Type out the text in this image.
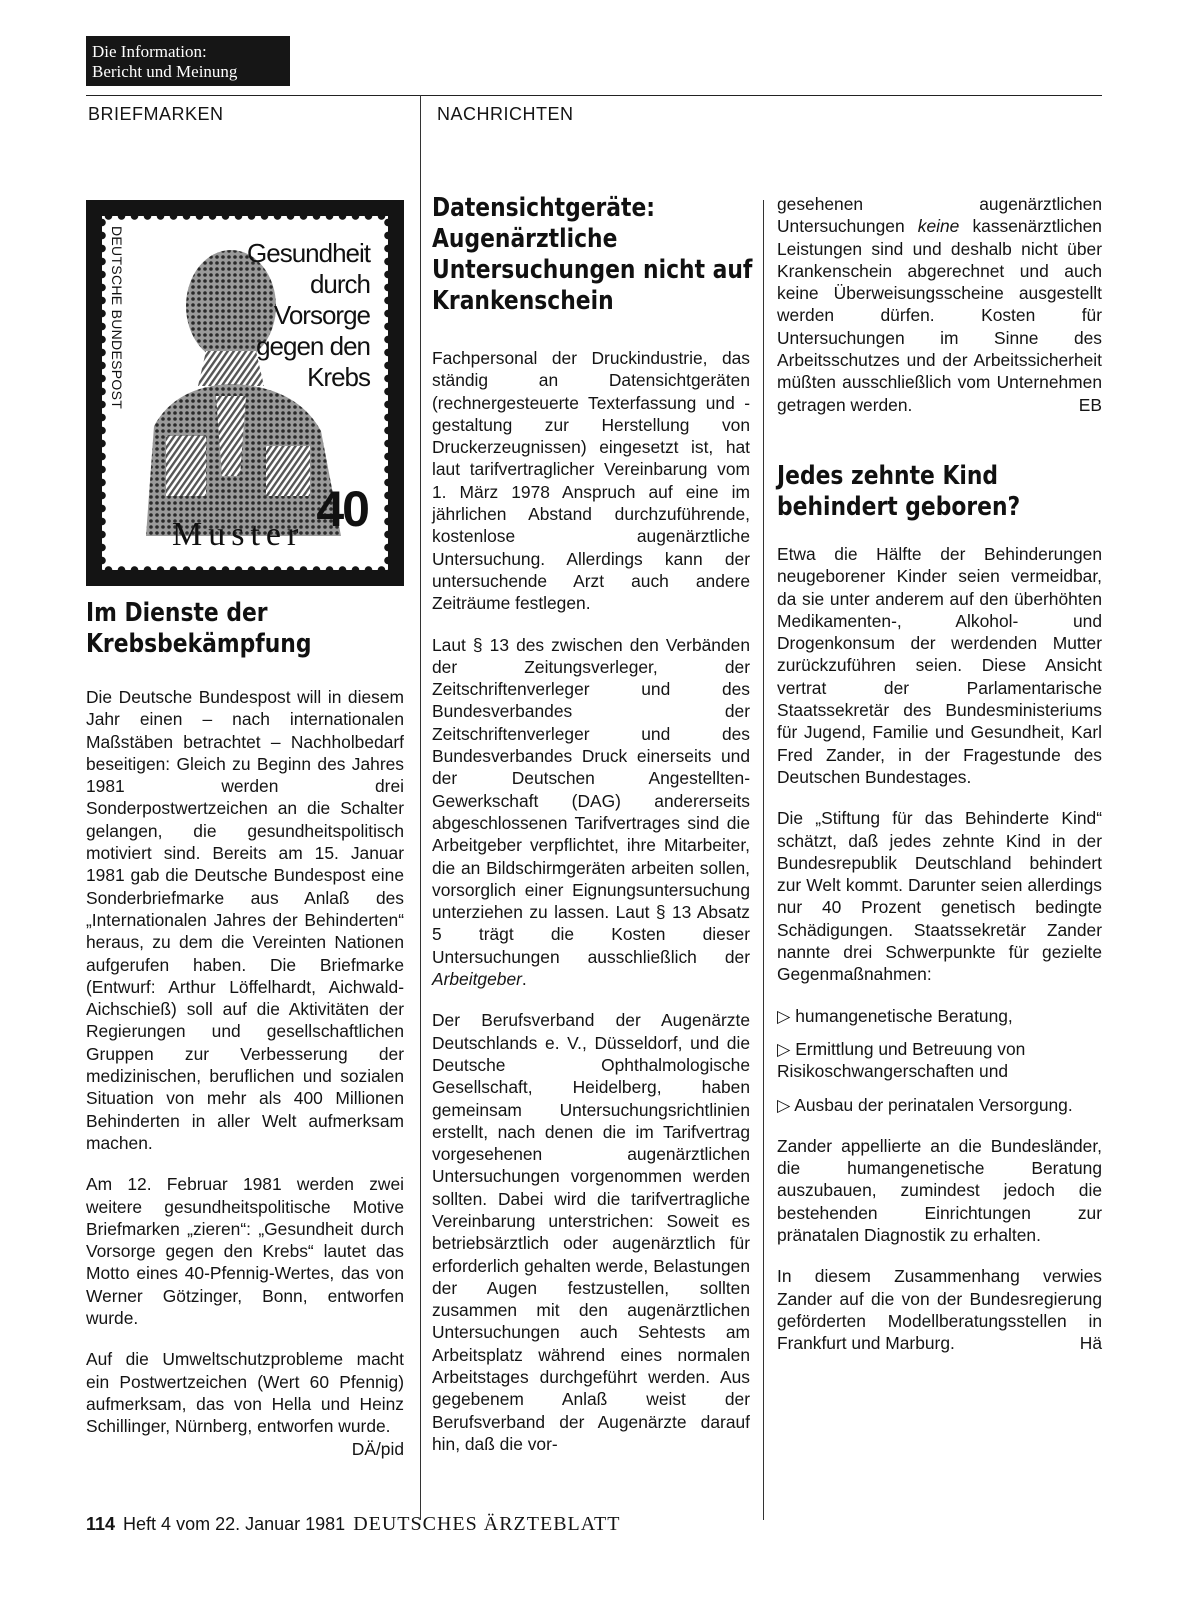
Die Information:
Bericht und Meinung
BRIEFMARKEN	NACHRICHTEN
DEUTSCHE BUNDESPOST	Gesundheit
durch
Vorsorge
gegen den
Krebs
40
Muster
Im Dienste der
Krebsbekämpfung

Die Deutsche Bundespost will in diesem Jahr einen – nach internationalen Maßstäben betrachtet – Nachholbedarf beseitigen: Gleich zu Beginn des Jahres 1981 werden drei Sonderpostwertzeichen an die Schalter gelangen, die gesundheitspolitisch motiviert sind. Bereits am 15. Januar 1981 gab die Deutsche Bundespost eine Sonderbriefmarke aus Anlaß des „Internationalen Jahres der Behinderten“ heraus, zu dem die Vereinten Nationen aufgerufen haben. Die Briefmarke (Entwurf: Arthur Löffelhardt, Aichwald-Aichschieß) soll auf die Aktivitäten der Regierungen und gesellschaftlichen Gruppen zur Verbesserung der medizinischen, beruflichen und sozialen Situation von mehr als 400 Millionen Behinderten in aller Welt aufmerksam machen.

Am 12. Februar 1981 werden zwei weitere gesundheitspolitische Motive Briefmarken „zieren“: „Gesundheit durch Vorsorge gegen den Krebs“ lautet das Motto eines 40-Pfennig-Wertes, das von Werner Götzinger, Bonn, entworfen wurde.

Auf die Umweltschutzprobleme macht ein Postwertzeichen (Wert 60 Pfennig) aufmerksam, das von Hella und Heinz Schillinger, Nürnberg, entworfen wurde.
DÄ/pid

Datensichtgeräte:
Augenärztliche
Untersuchungen nicht auf
Krankenschein

Fachpersonal der Druckindustrie, das ständig an Datensichtgeräten (rechnergesteuerte Texterfassung und -gestaltung zur Herstellung von Druckerzeugnissen) eingesetzt ist, hat laut tarifvertraglicher Vereinbarung vom 1. März 1978 Anspruch auf eine im jährlichen Abstand durchzuführende, kostenlose augenärztliche Untersuchung. Allerdings kann der untersuchende Arzt auch andere Zeiträume festlegen.

Laut § 13 des zwischen den Verbänden der Zeitungsverleger, der Zeitschriftenverleger und des Bundesverbandes der Zeitschriftenverleger und des Bundesverbandes Druck einerseits und der Deutschen Angestellten-Gewerkschaft (DAG) andererseits abgeschlossenen Tarifvertrages sind die Arbeitgeber verpflichtet, ihre Mitarbeiter, die an Bildschirmgeräten arbeiten sollen, vorsorglich einer Eignungsuntersuchung unterziehen zu lassen. Laut § 13 Absatz 5 trägt die Kosten dieser Untersuchungen ausschließlich der Arbeitgeber.

Der Berufsverband der Augenärzte Deutschlands e. V., Düsseldorf, und die Deutsche Ophthalmologische Gesellschaft, Heidelberg, haben gemeinsam Untersuchungsrichtlinien erstellt, nach denen die im Tarifvertrag vorgesehenen augenärztlichen Untersuchungen vorgenommen werden sollten. Dabei wird die tarifvertragliche Vereinbarung unterstrichen: Soweit es betriebsärztlich oder augenärztlich für erforderlich gehalten werde, Belastungen der Augen festzustellen, sollten zusammen mit den augenärztlichen Untersuchungen auch Sehtests am Arbeitsplatz während eines normalen Arbeitstages durchgeführt werden. Aus gegebenem Anlaß weist der Berufsverband der Augenärzte darauf hin, daß die vor-

gesehenen augenärztlichen Untersuchungen keine kassenärztlichen Leistungen sind und deshalb nicht über Krankenschein abgerechnet und auch keine Überweisungsscheine ausgestellt werden dürfen. Kosten für Untersuchungen im Sinne des Arbeitsschutzes und der Arbeitssicherheit müßten ausschließlich vom Unternehmen getragen werden.	EB

Jedes zehnte Kind
behindert geboren?

Etwa die Hälfte der Behinderungen neugeborener Kinder seien vermeidbar, da sie unter anderem auf den überhöhten Medikamenten-, Alkohol- und Drogenkonsum der werdenden Mutter zurückzuführen seien. Diese Ansicht vertrat der Parlamentarische Staatssekretär des Bundesministeriums für Jugend, Familie und Gesundheit, Karl Fred Zander, in der Fragestunde des Deutschen Bundestages.

Die „Stiftung für das Behinderte Kind“ schätzt, daß jedes zehnte Kind in der Bundesrepublik Deutschland behindert zur Welt kommt. Darunter seien allerdings nur 40 Prozent genetisch bedingte Schädigungen. Staatssekretär Zander nannte drei Schwerpunkte für gezielte Gegenmaßnahmen:

▷ humangenetische Beratung,

▷ Ermittlung und Betreuung von Risikoschwangerschaften und

▷ Ausbau der perinatalen Versorgung.

Zander appellierte an die Bundesländer, die humangenetische Beratung auszubauen, zumindest jedoch die bestehenden Einrichtungen zur pränatalen Diagnostik zu erhalten.

In diesem Zusammenhang verwies Zander auf die von der Bundesregierung geförderten Modellberatungsstellen in Frankfurt und Marburg.	Hä

114 Heft 4 vom 22. Januar 1981 DEUTSCHES ÄRZTEBLATT
